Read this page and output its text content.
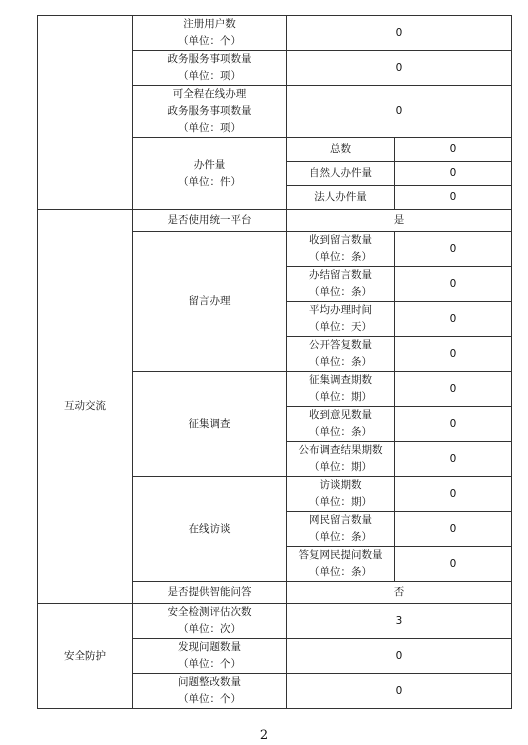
	注册用户数
（单位：个）	0	

	政务服务事项数量
（单位：项）	0	

	可全程在线办理
政务服务事项数量
（单位：项）	0	

	办件量
（单位：件）	总数	0
		自然人办件量	0
		法人办件量	0
互动交流	是否使用统一平台	是	
	留言办理	收到留言数量
（单位：条）	0

		办结留言数量
（单位：条）	0

		平均办理时间
（单位：天）	0

		公开答复数量
（单位：条）	0
	征集调查	征集调查期数
（单位：期）	0

		收到意见数量
（单位：条）	0

		公布调查结果期数
（单位：期）	0
	在线访谈	访谈期数
（单位：期）	0

		网民留言数量
（单位：条）	0

		答复网民提问数量
（单位：条）	0
	是否提供智能问答	否	
安全防护	安全检测评估次数
（单位：次）	3	

	发现问题数量
（单位：个）	0	

	问题整改数量
（单位：个）	0	
2
